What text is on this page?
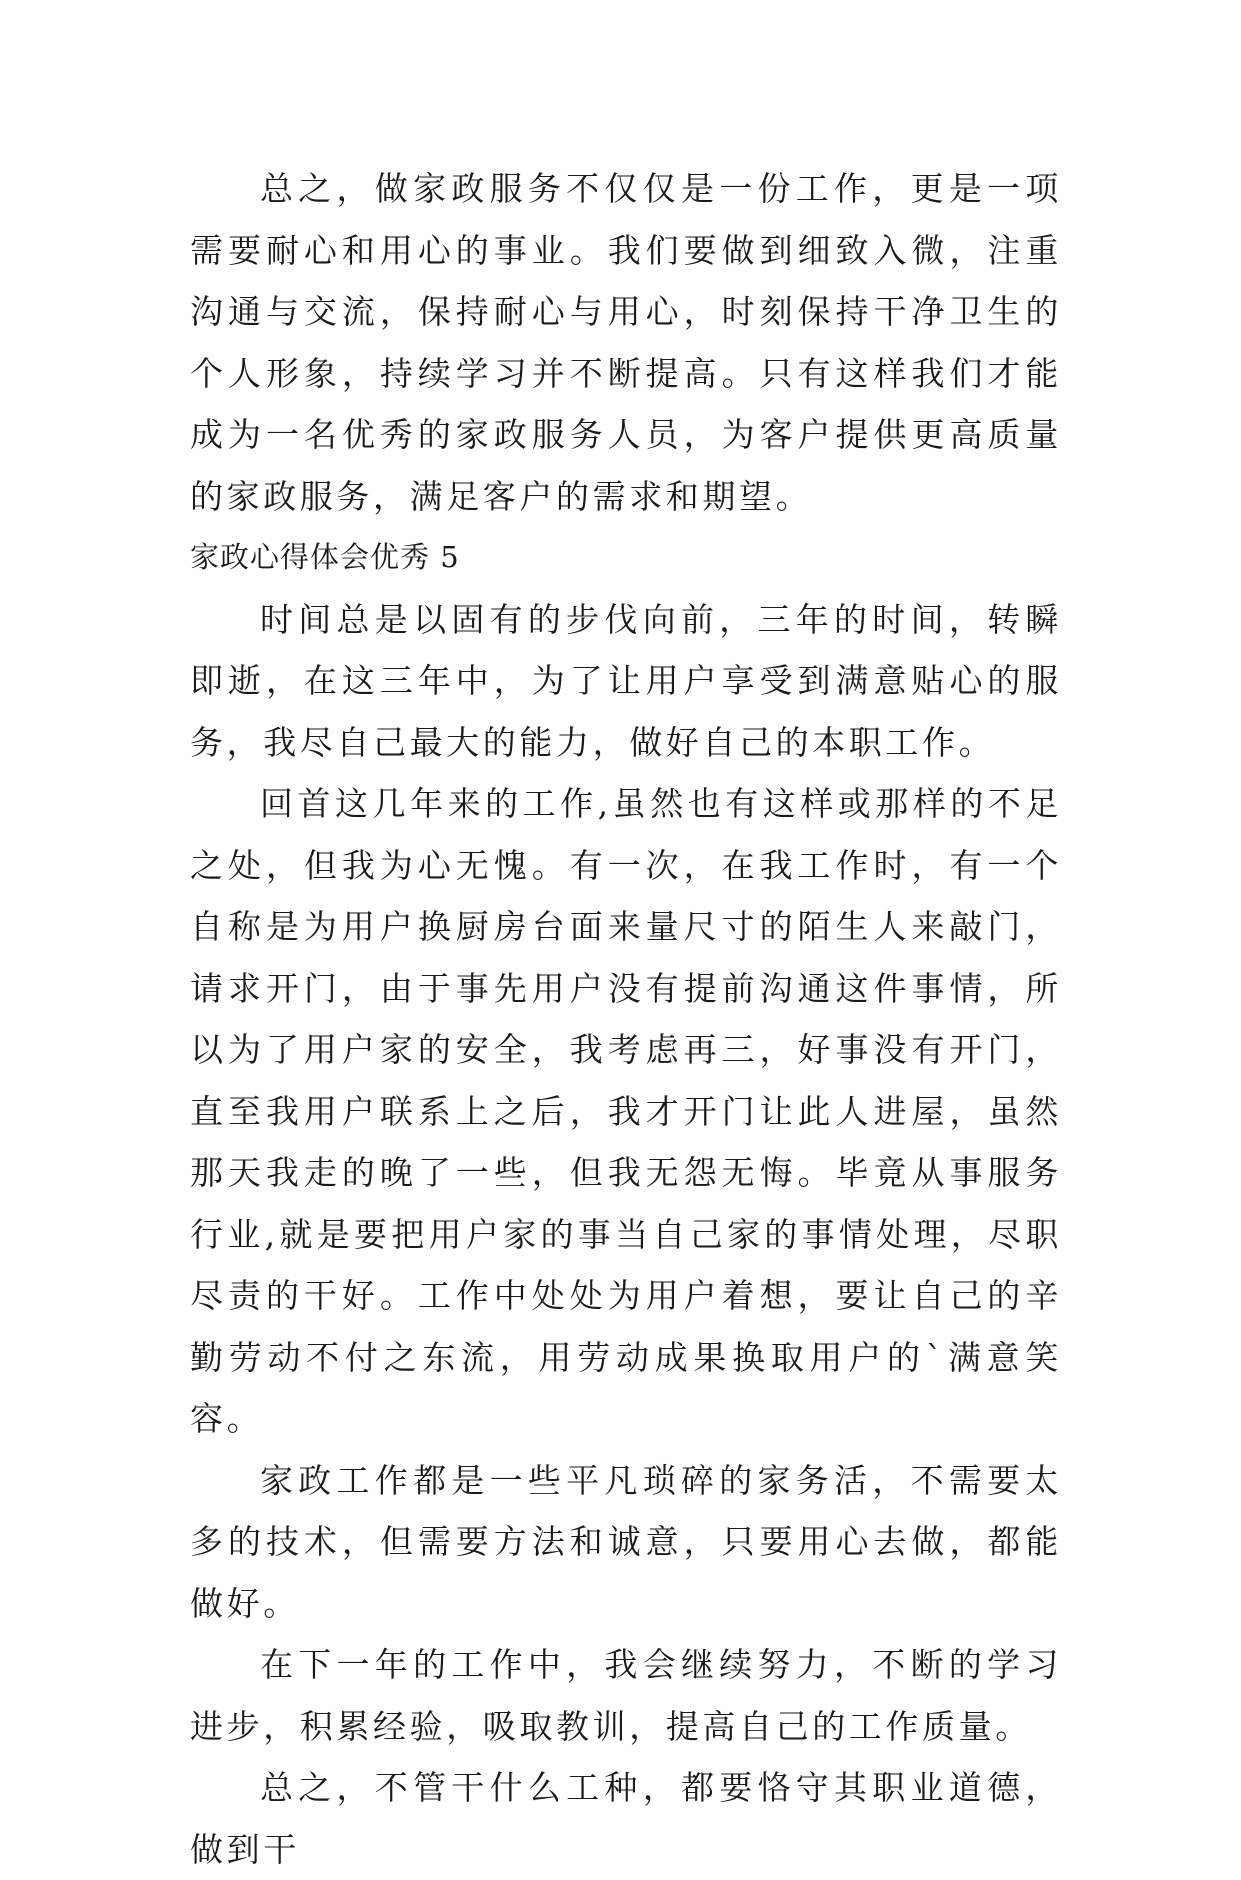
总之，做家政服务不仅仅是一份工作，更是一项需要耐心和用心的事业。我们要做到细致入微，注重沟通与交流，保持耐心与用心，时刻保持干净卫生的个人形象，持续学习并不断提高。只有这样我们才能成为一名优秀的家政服务人员，为客户提供更高质量的家政服务，满足客户的需求和期望。

家政心得体会优秀 5

时间总是以固有的步伐向前，三年的时间，转瞬即逝，在这三年中，为了让用户享受到满意贴心的服务，我尽自己最大的能力，做好自己的本职工作。

回首这几年来的工作,虽然也有这样或那样的不足之处，但我为心无愧。有一次，在我工作时，有一个自称是为用户换厨房台面来量尺寸的陌生人来敲门，请求开门，由于事先用户没有提前沟通这件事情，所以为了用户家的安全，我考虑再三，好事没有开门，直至我用户联系上之后，我才开门让此人进屋，虽然那天我走的晚了一些，但我无怨无悔。毕竟从事服务行业,就是要把用户家的事当自己家的事情处理，尽职尽责的干好。工作中处处为用户着想，要让自己的辛勤劳动不付之东流，用劳动成果换取用户的`满意笑容。

家政工作都是一些平凡琐碎的家务活，不需要太多的技术，但需要方法和诚意，只要用心去做，都能做好。

在下一年的工作中，我会继续努力，不断的学习进步，积累经验，吸取教训，提高自己的工作质量。

总之，不管干什么工种，都要恪守其职业道德，做到干
